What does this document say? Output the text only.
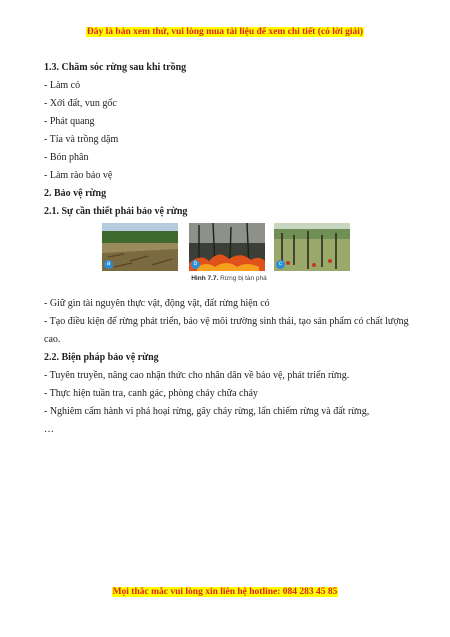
Đây là bản xem thử, vui lòng mua tài liệu để xem chi tiết (có lời giải)
1.3. Chăm sóc rừng sau khi trồng
- Làm cỏ
- Xới đất, vun gốc
- Phát quang
- Tỉa và trồng dặm
- Bón phân
- Làm rào bảo vệ
2. Bảo vệ rừng
2.1. Sự cần thiết phải bảo vệ rừng
a	b	c
Hình 7.7. Rừng bị tàn phá
- Giữ gìn tài nguyên thực vật, động vật, đất rừng hiện có
- Tạo điều kiện để rừng phát triển, bảo vệ môi trường sinh thái, tạo sản phẩm có chất lượng cao.
2.2. Biện pháp bảo vệ rừng
- Tuyên truyền, nâng cao nhận thức cho nhân dân về bảo vệ, phát triển rừng.
- Thực hiện tuần tra, canh gác, phòng cháy chữa cháy
- Nghiêm cấm hành vi phá hoại rừng, gây cháy rừng, lấn chiếm rừng và đất rừng,
…
Mọi thắc mắc vui lòng xin liên hệ hotline: 084 283 45 85
